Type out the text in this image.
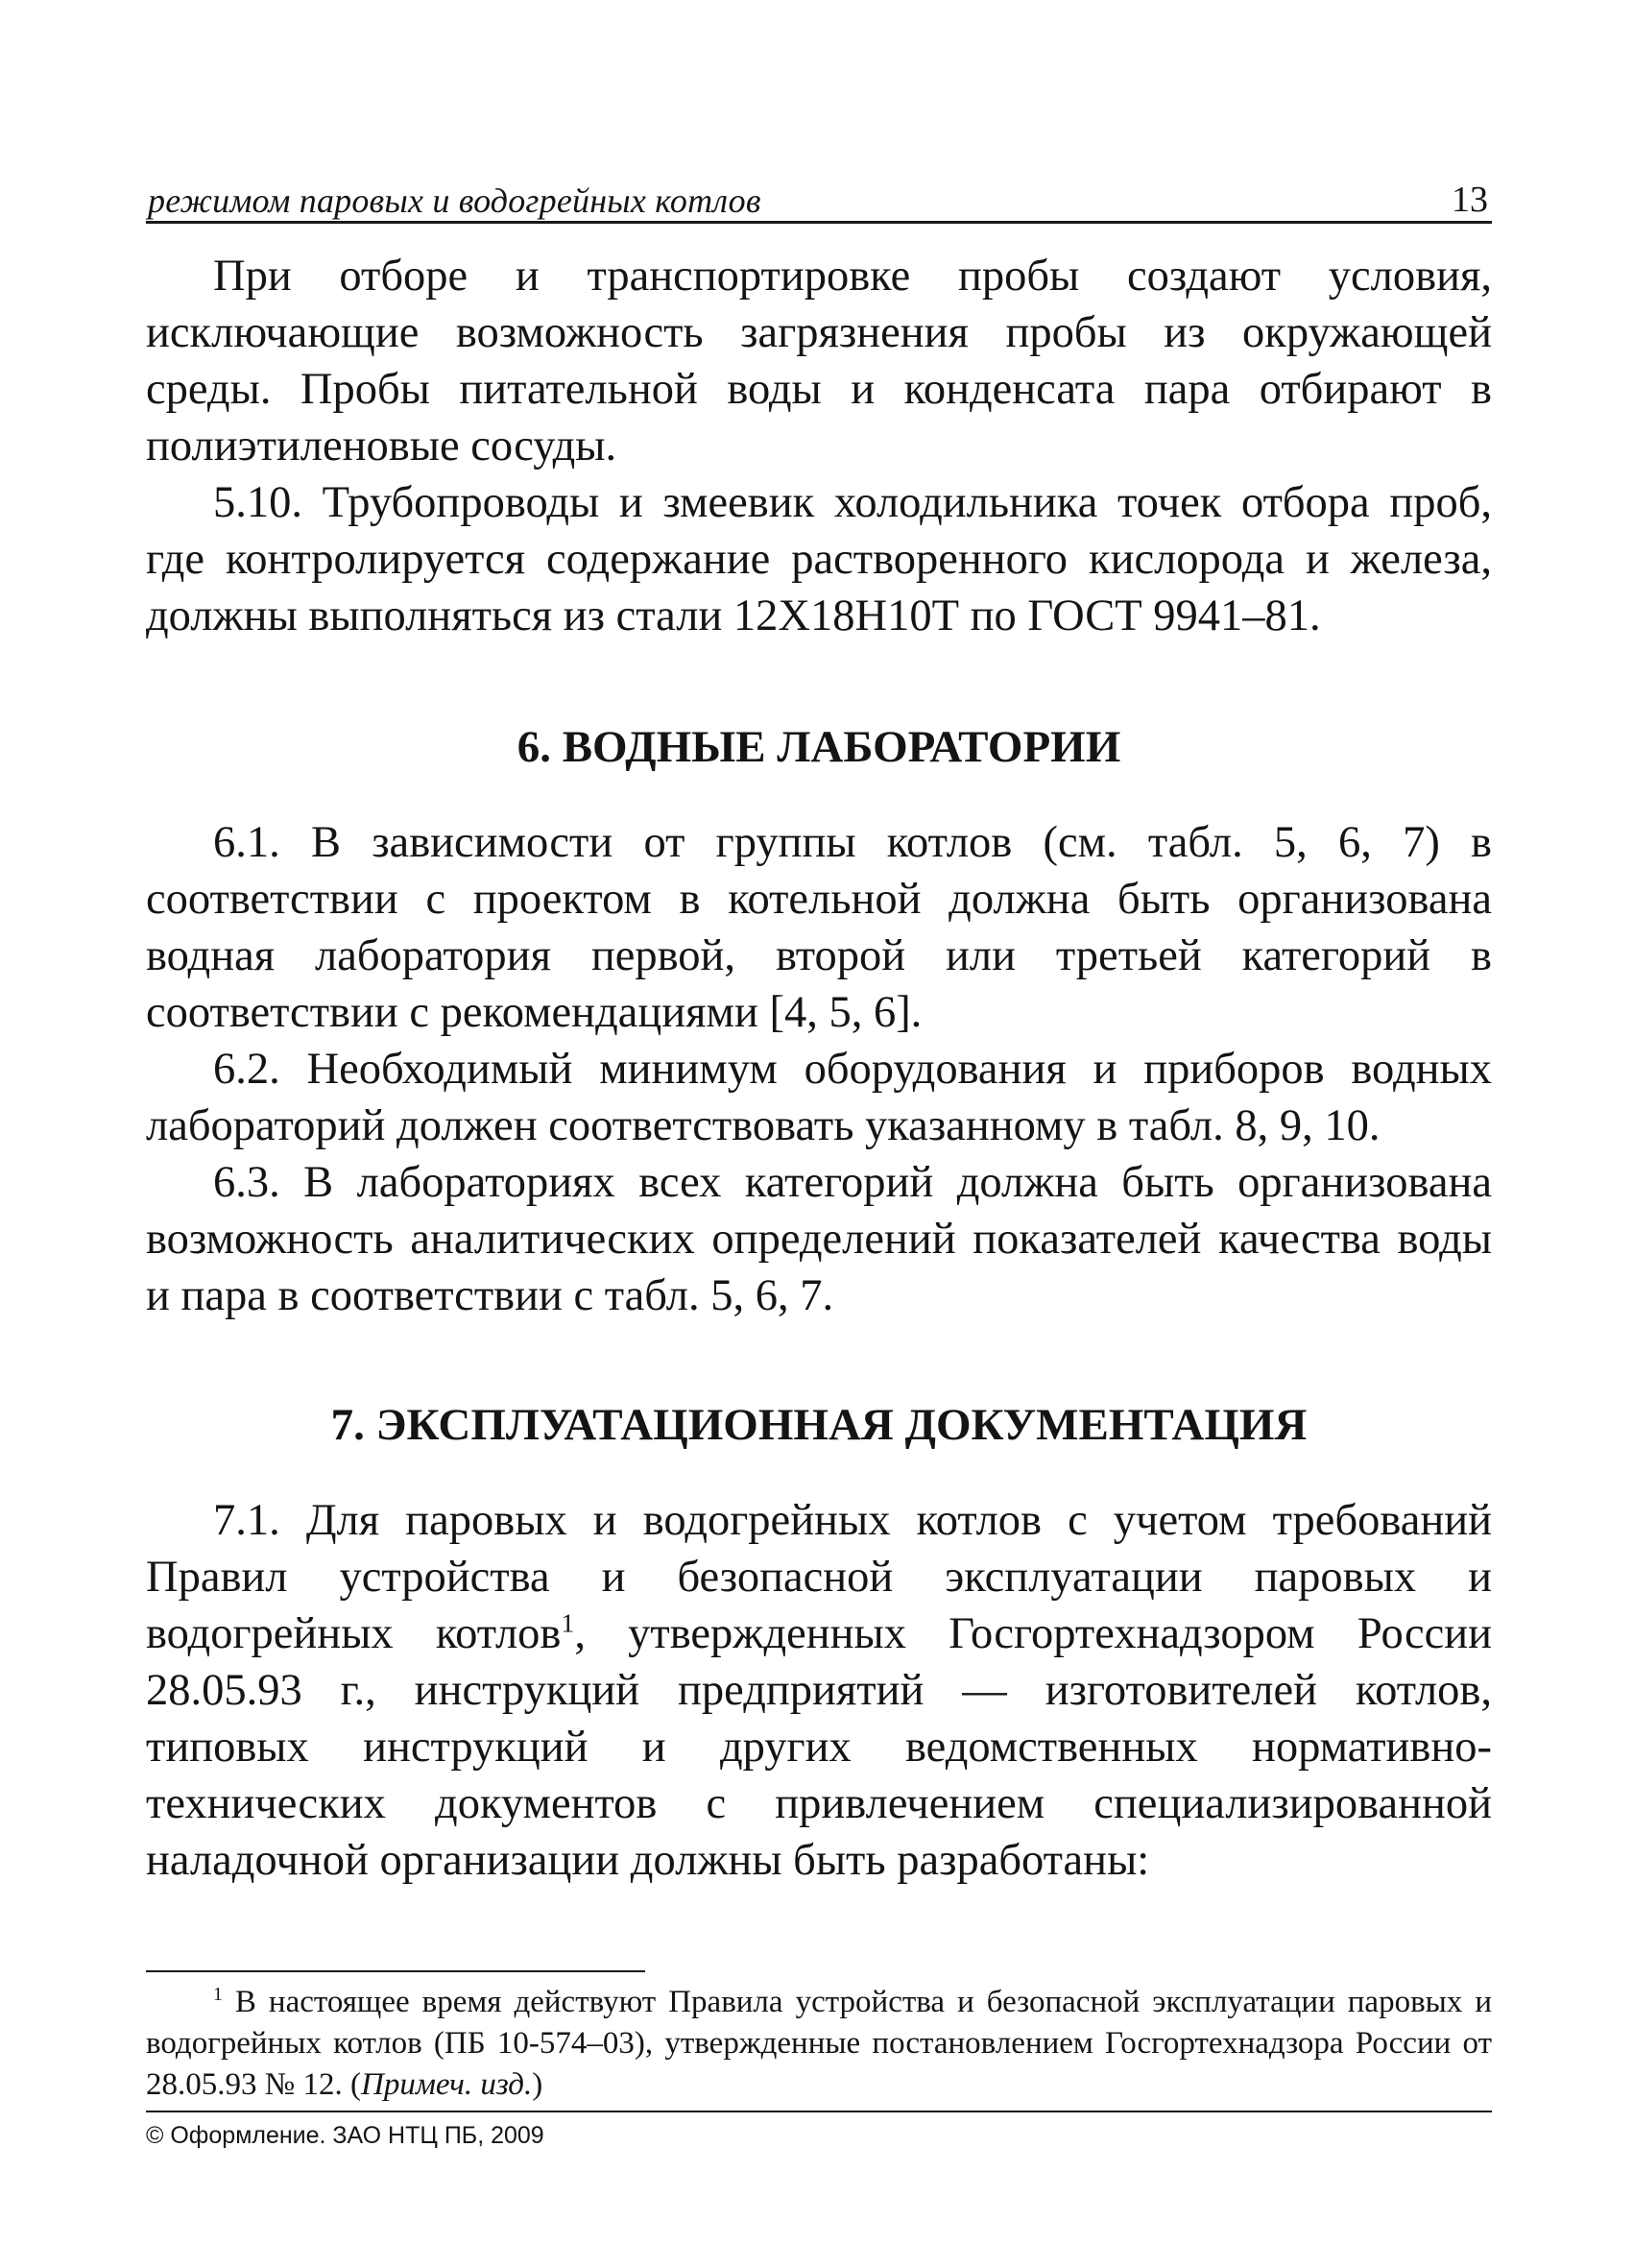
режимом паровых и водогрейных котлов	13

При отборе и транспортировке пробы создают условия, исключающие возможность загрязнения пробы из окружающей среды. Пробы питательной воды и конденсата пара отбирают в полиэтиленовые сосуды.

5.10. Трубопроводы и змеевик холодильника точек отбора проб, где контролируется содержание растворенного кислорода и железа, должны выполняться из стали 12Х18Н10Т по ГОСТ 9941–81.

6. ВОДНЫЕ ЛАБОРАТОРИИ

6.1. В зависимости от группы котлов (см. табл. 5, 6, 7) в соответствии с проектом в котельной должна быть организована водная лаборатория первой, второй или третьей категорий в соответствии с рекомендациями [4, 5, 6].

6.2. Необходимый минимум оборудования и приборов водных лабораторий должен соответствовать указанному в табл. 8, 9, 10.

6.3. В лабораториях всех категорий должна быть организована возможность аналитических определений показателей качества воды и пара в соответствии с табл. 5, 6, 7.

7. ЭКСПЛУАТАЦИОННАЯ ДОКУМЕНТАЦИЯ

7.1. Для паровых и водогрейных котлов с учетом требований Правил устройства и безопасной эксплуатации паровых и водогрейных котлов$^1$, утвержденных Госгортехнадзором России 28.05.93 г., инструкций предприятий — изготовителей котлов, типовых инструкций и других ведомственных нормативно-технических документов с привлечением специализированной наладочной организации должны быть разработаны:

$^1$ В настоящее время действуют Правила устройства и безопасной эксплуатации паровых и водогрейных котлов (ПБ 10-574–03), утвержденные постановлением Госгортехнадзора России от 28.05.93 № 12. (Примеч. изд.)

© Оформление. ЗАО НТЦ ПБ, 2009
